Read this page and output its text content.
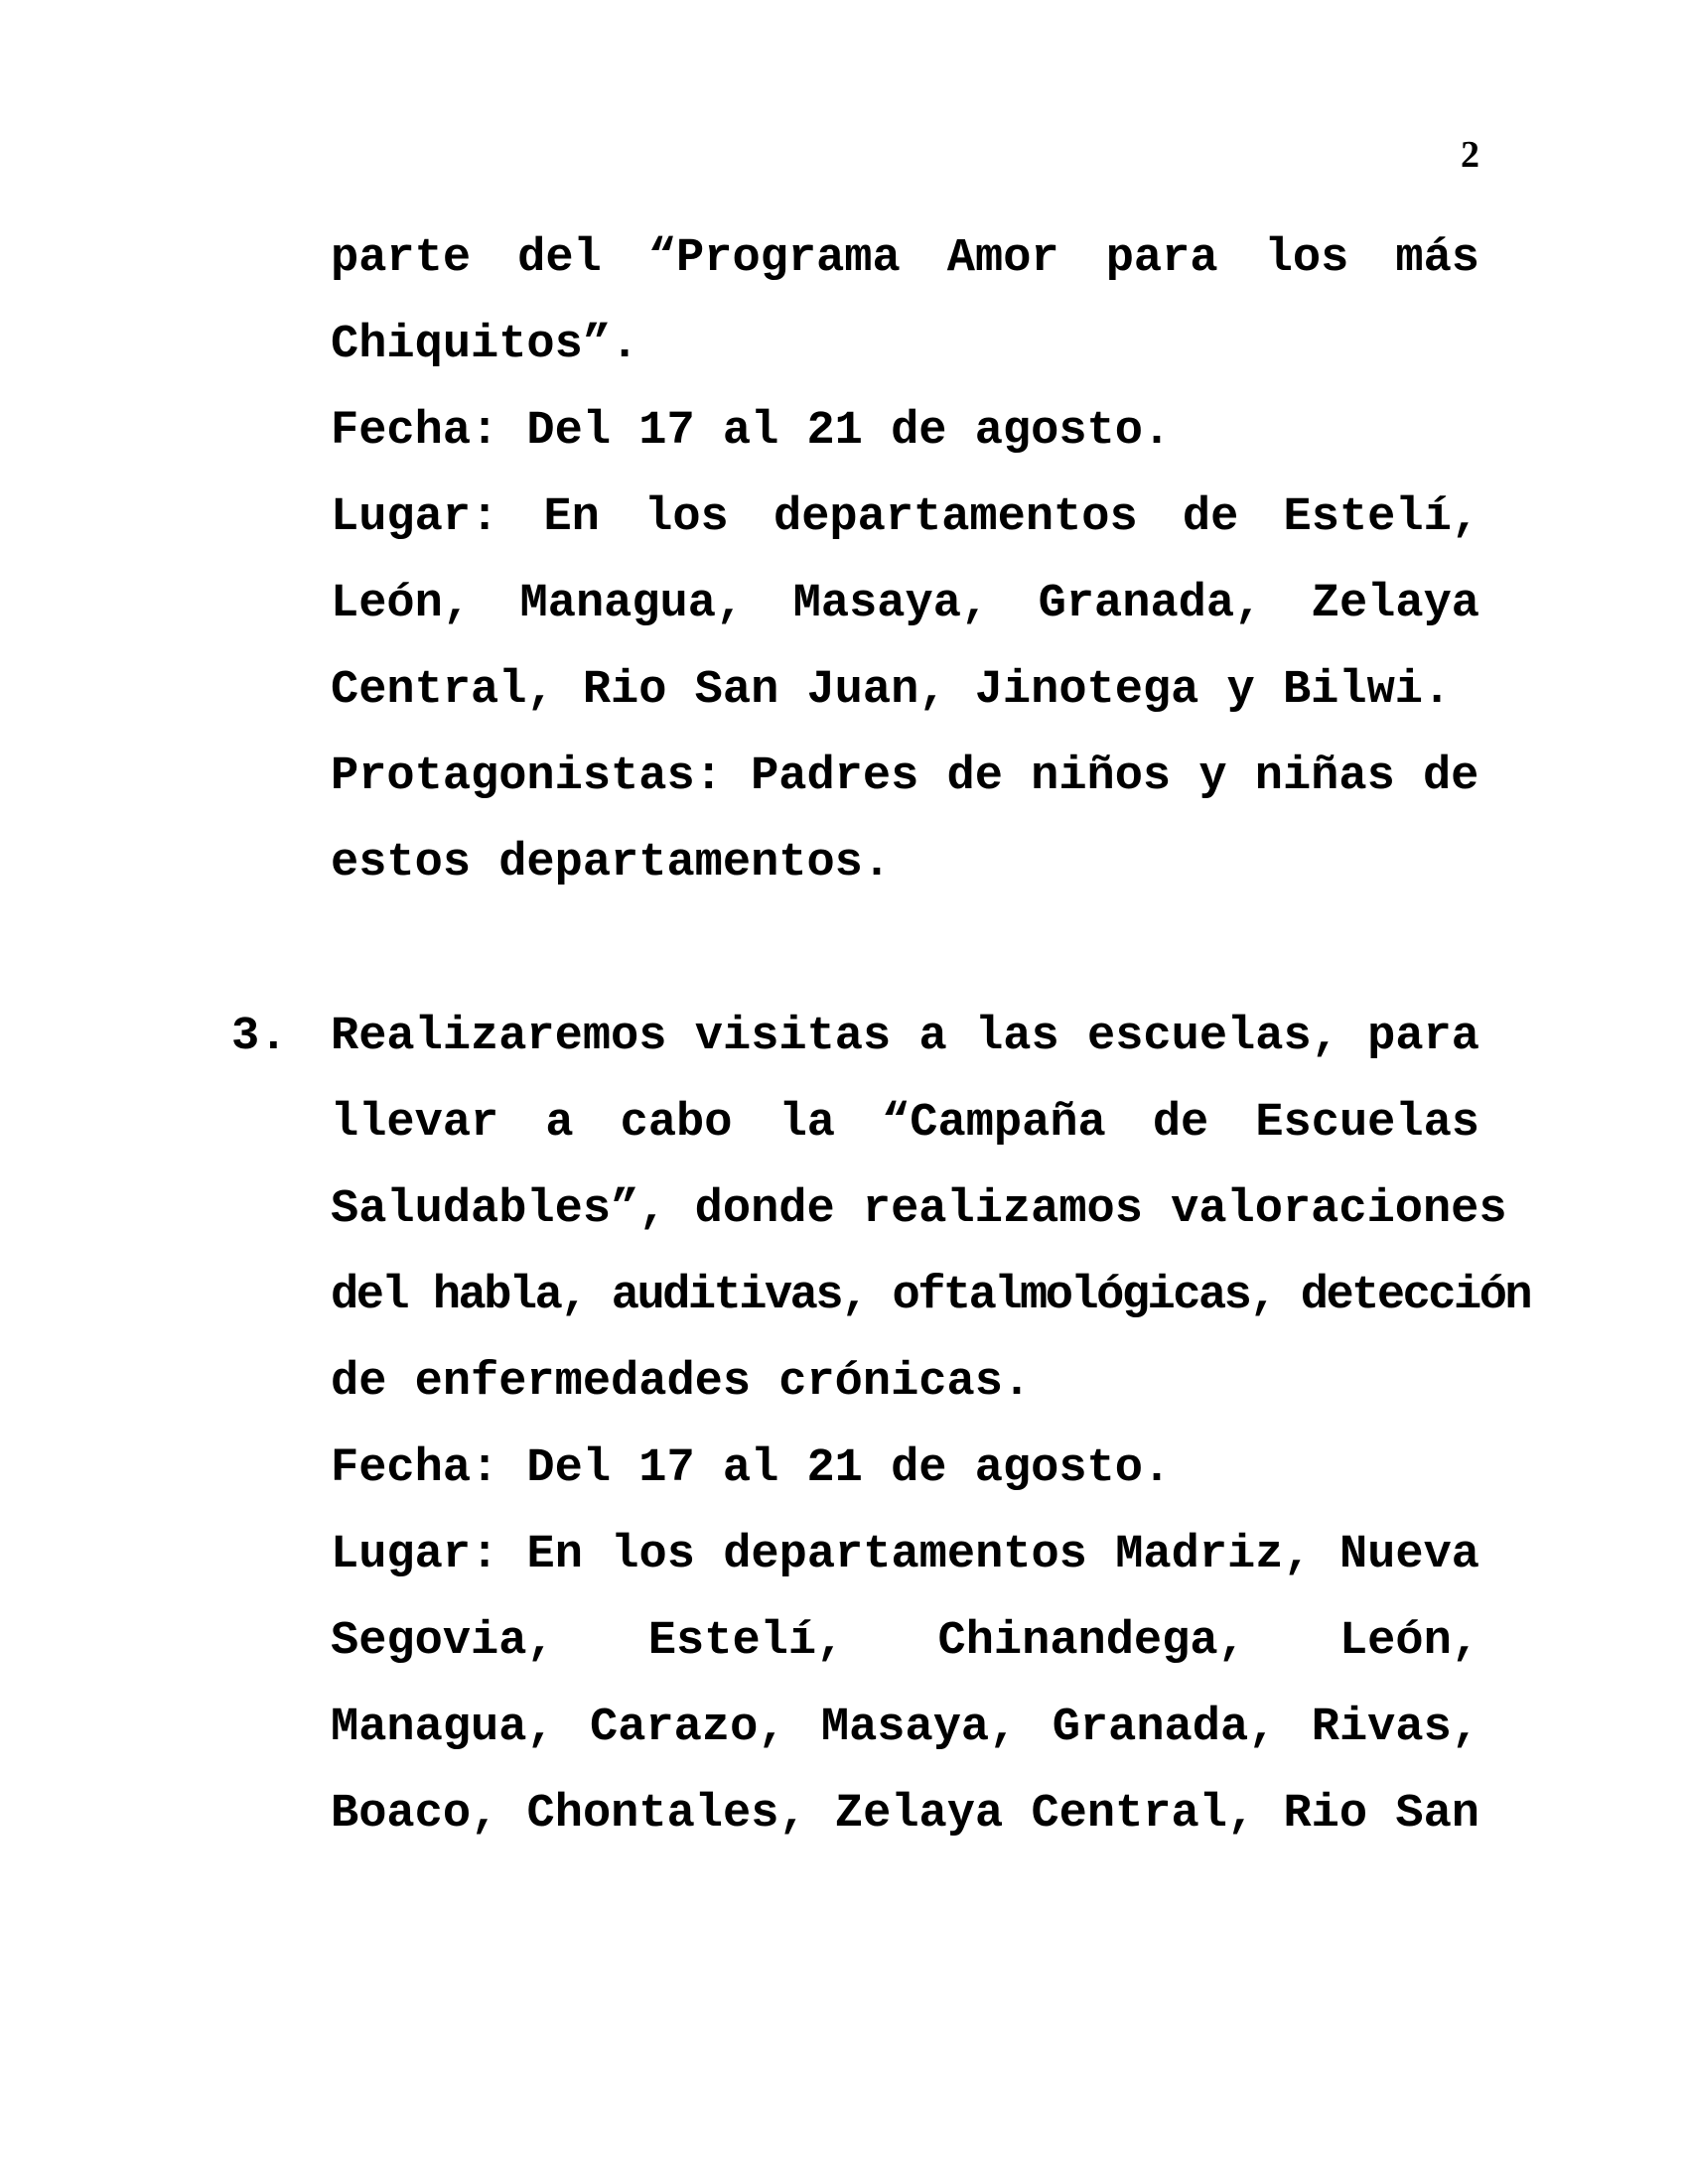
2
parte del “Programa Amor para los más
Chiquitos”.
Fecha: Del 17 al 21 de agosto.
Lugar: En los departamentos de Estelí,
León, Managua, Masaya, Granada, Zelaya
Central, Rio San Juan, Jinotega y Bilwi.
Protagonistas: Padres de niños y niñas de
estos departamentos.
3. Realizaremos visitas a las escuelas, para
llevar a cabo la “Campaña de Escuelas
Saludables”, donde realizamos valoraciones
del habla, auditivas, oftalmológicas, detección
de enfermedades crónicas.
Fecha: Del 17 al 21 de agosto.
Lugar: En los departamentos Madriz, Nueva
Segovia, Estelí, Chinandega, León,
Managua, Carazo, Masaya, Granada, Rivas,
Boaco, Chontales, Zelaya Central, Rio San
